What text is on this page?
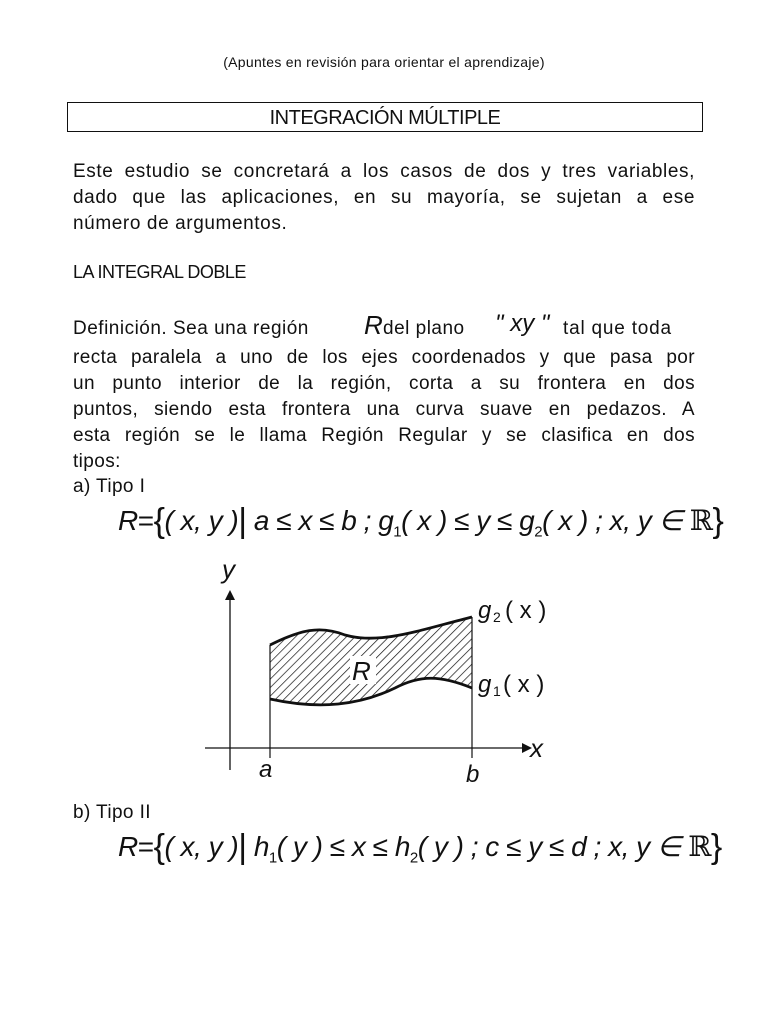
(Apuntes en revisión para orientar el aprendizaje)
INTEGRACIÓN MÚLTIPLE
Este estudio se concretará a los casos de dos y tres variables,
dado que las aplicaciones, en su mayoría, se sujetan a ese
número de argumentos.
LA INTEGRAL DOBLE
Definición. Sea una región R del plano " xy " tal que toda
recta paralela a uno de los ejes coordenados y que pasa por
un punto interior de la región, corta a su frontera en dos
puntos, siendo esta frontera una curva suave en pedazos. A
esta región se le llama Región Regular y se clasifica en dos
tipos:
a) Tipo I
R={( x, y )| a ≤ x ≤ b ; $g_1$( x ) ≤ $y \le g_2$( x ) ; x, y ∈ ℝ}
R
y
x
a	b
g 2 ( x )
g 1 ( x )
b) Tipo II
R={( x, y )| $h_1$( y ) ≤ $x \le h_2$( y ) ; c ≤ y ≤ d ; x, y ∈ ℝ}
